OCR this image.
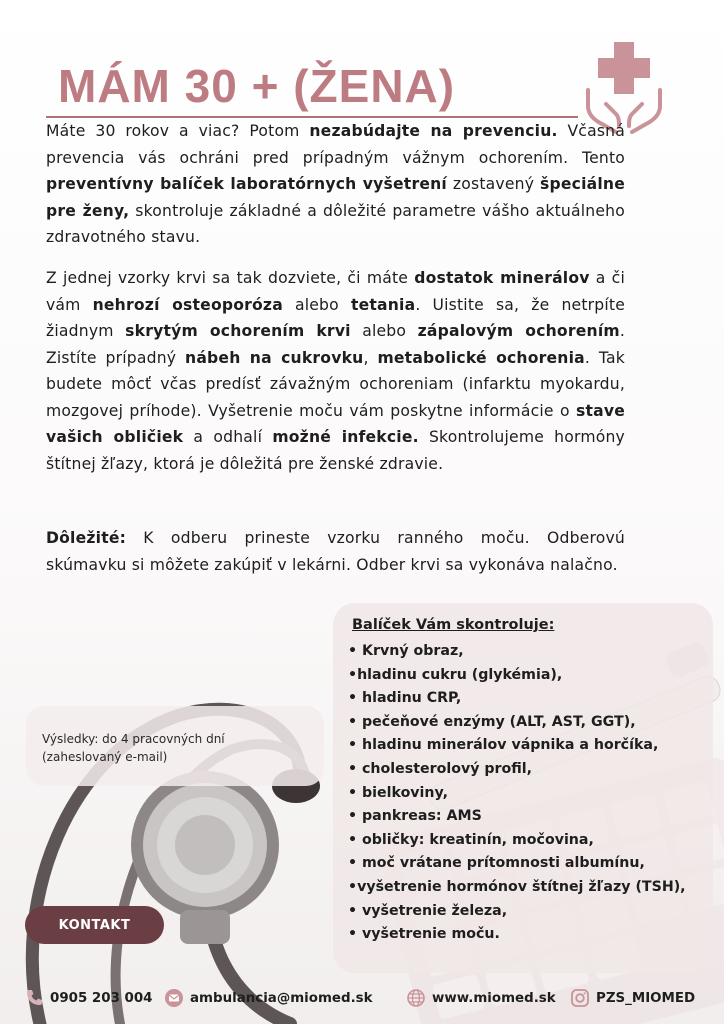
MÁM 30 + (ŽENA)

Máte 30 rokov a viac? Potom nezabúdajte na prevenciu. Včasná prevencia vás ochráni pred prípadným vážnym ochorením. Tento preventívny balíček laboratórnych vyšetrení zostavený špeciálne pre ženy, skontroluje základné a dôležité parametre vášho aktuálneho zdravotného stavu.

Z jednej vzorky krvi sa tak dozviete, či máte dostatok minerálov a či vám nehrozí osteoporóza alebo tetania. Uistite sa, že netrpíte žiadnym skrytým ochorením krvi alebo zápalovým ochorením. Zistíte prípadný nábeh na cukrovku, metabolické ochorenia. Tak budete môcť včas predísť závažným ochoreniam (infarktu myokardu, mozgovej príhode). Vyšetrenie moču vám poskytne informácie o stave vašich obličiek a odhalí možné infekcie. Skontrolujeme hormóny štítnej žľazy, ktorá je dôležitá pre ženské zdravie.

Dôležité: K odberu prineste vzorku ranného moču. Odberovú skúmavku si môžete zakúpiť v lekárni. Odber krvi sa vykonáva nalačno.

Výsledky: do 4 pracovných dní
(zaheslovaný e-mail)

Balíček Vám skontroluje:

• Krvný obraz,
•hladinu cukru (glykémia),
• hladinu CRP,
• pečeňové enzýmy (ALT, AST, GGT),
• hladinu minerálov vápnika a horčíka,
• cholesterolový profil,
• bielkoviny,
• pankreas: AMS
• obličky: kreatinín, močovina,
• moč vrátane prítomnosti albumínu,
•vyšetrenie hormónov štítnej žľazy (TSH),
• vyšetrenie železa,
• vyšetrenie moču.
KONTAKT
0905 203 004	ambulancia@miomed.sk	www.miomed.sk	PZS_MIOMED
